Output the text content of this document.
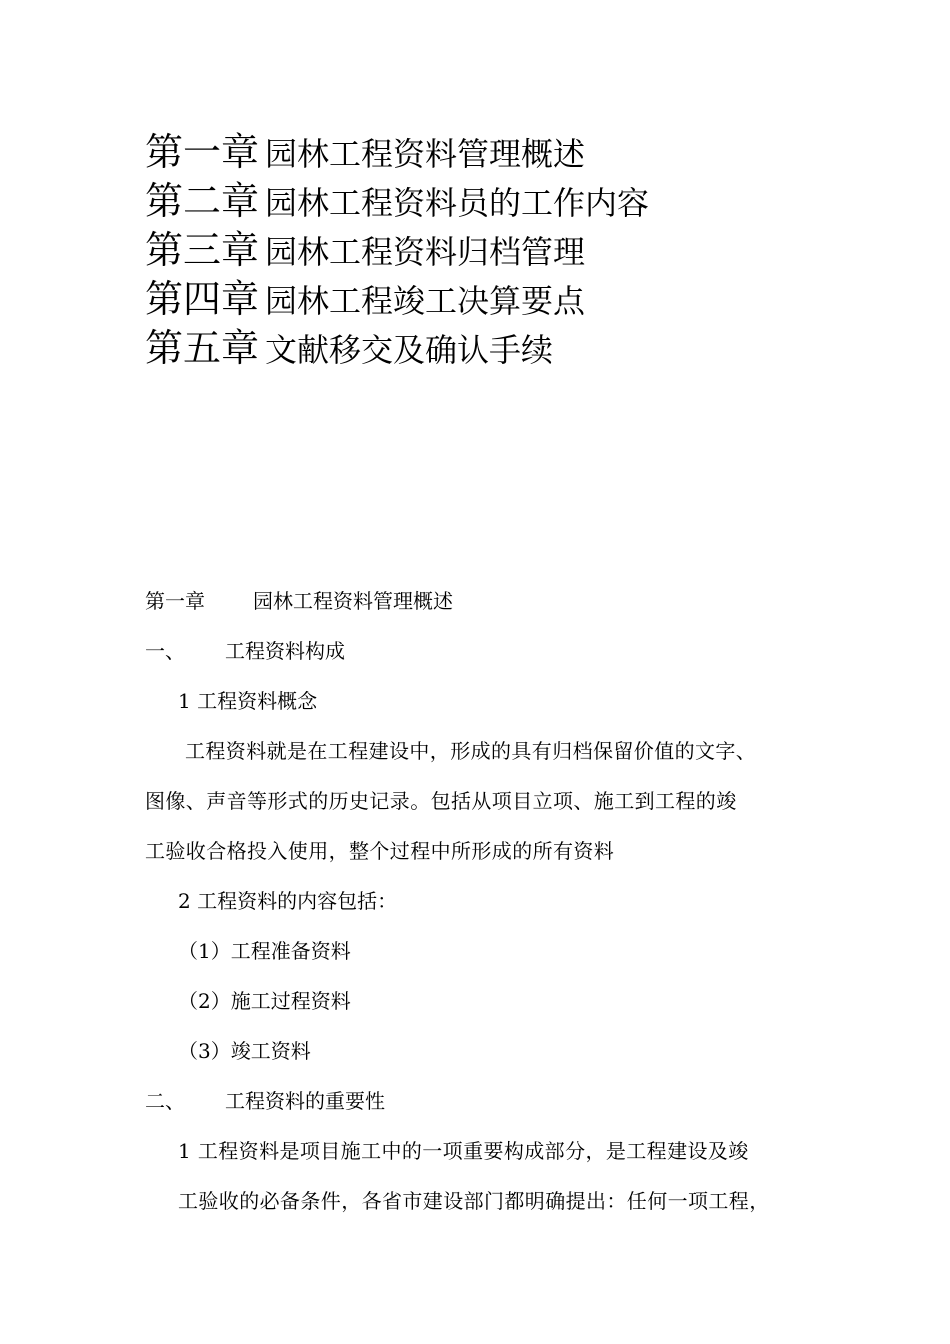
第一章 园林工程资料管理概述
第二章 园林工程资料员的工作内容
第三章 园林工程资料归档管理
第四章 园林工程竣工决算要点
第五章 文献移交及确认手续
第一章 园林工程资料管理概述
一、 工程资料构成
1 工程资料概念
工程资料就是在工程建设中，形成的具有归档保留价值的文字、
图像、声音等形式的历史记录。包括从项目立项、施工到工程的竣
工验收合格投入使用，整个过程中所形成的所有资料
2 工程资料的内容包括：
（1）工程准备资料
（2）施工过程资料
（3）竣工资料
二、 工程资料的重要性
1 工程资料是项目施工中的一项重要构成部分，是工程建设及竣
工验收的必备条件，各省市建设部门都明确提出：任何一项工程，
